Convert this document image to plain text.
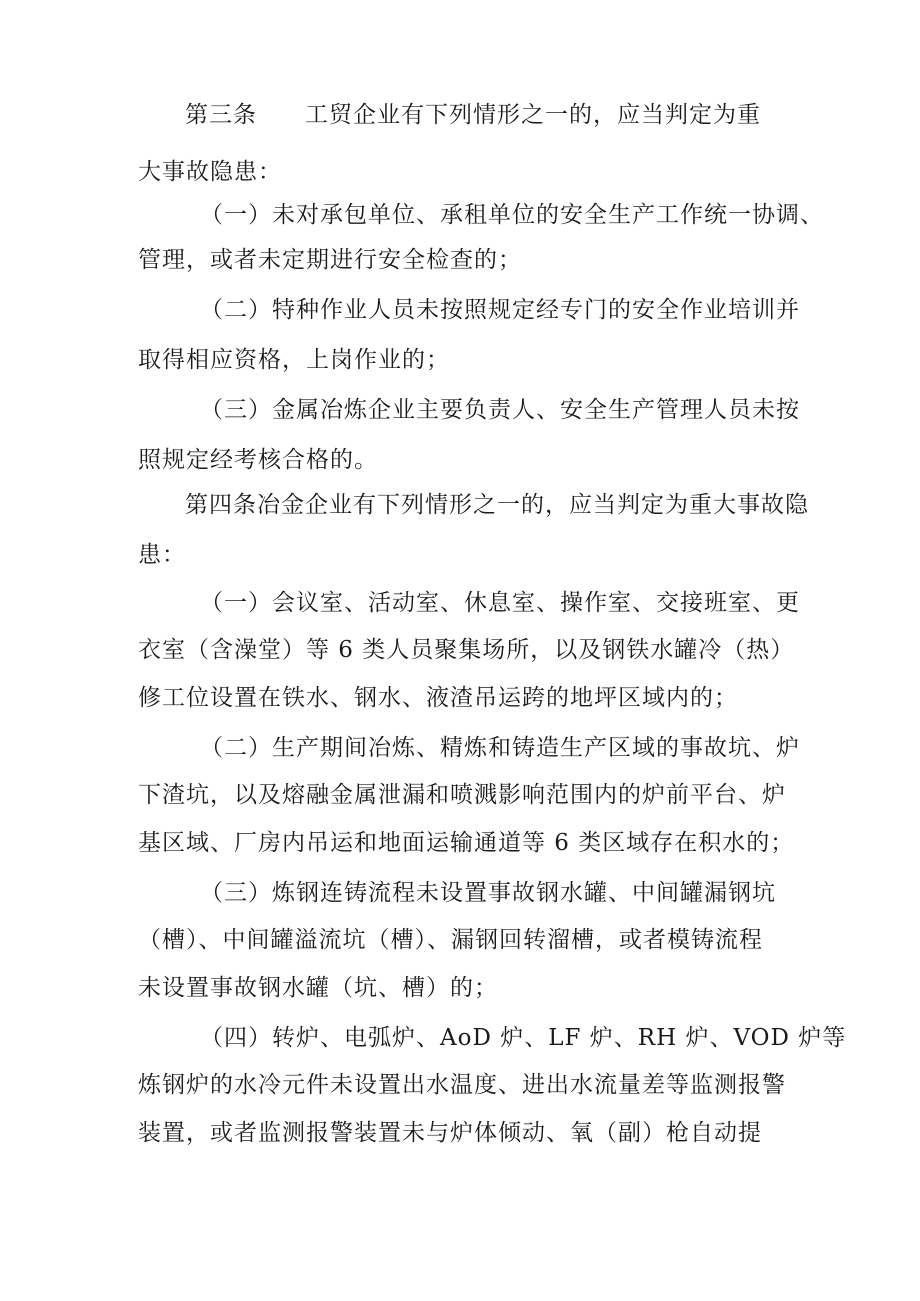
第三条 工贸企业有下列情形之一的，应当判定为重
大事故隐患：
（一）未对承包单位、承租单位的安全生产工作统一协调、
管理，或者未定期进行安全检查的；
（二）特种作业人员未按照规定经专门的安全作业培训并
取得相应资格，上岗作业的；
（三）金属冶炼企业主要负责人、安全生产管理人员未按
照规定经考核合格的。
第四条冶金企业有下列情形之一的，应当判定为重大事故隐
患：
（一）会议室、活动室、休息室、操作室、交接班室、更
衣室（含澡堂）等 6 类人员聚集场所，以及钢铁水罐冷（热）
修工位设置在铁水、钢水、液渣吊运跨的地坪区域内的；
（二）生产期间冶炼、精炼和铸造生产区域的事故坑、炉
下渣坑，以及熔融金属泄漏和喷溅影响范围内的炉前平台、炉
基区域、厂房内吊运和地面运输通道等 6 类区域存在积水的；
（三）炼钢连铸流程未设置事故钢水罐、中间罐漏钢坑
（槽）、中间罐溢流坑（槽）、漏钢回转溜槽，或者模铸流程
未设置事故钢水罐（坑、槽）的；
（四）转炉、电弧炉、AoD 炉、LF 炉、RH 炉、VOD 炉等
炼钢炉的水冷元件未设置出水温度、进出水流量差等监测报警
装置，或者监测报警装置未与炉体倾动、氧（副）枪自动提
